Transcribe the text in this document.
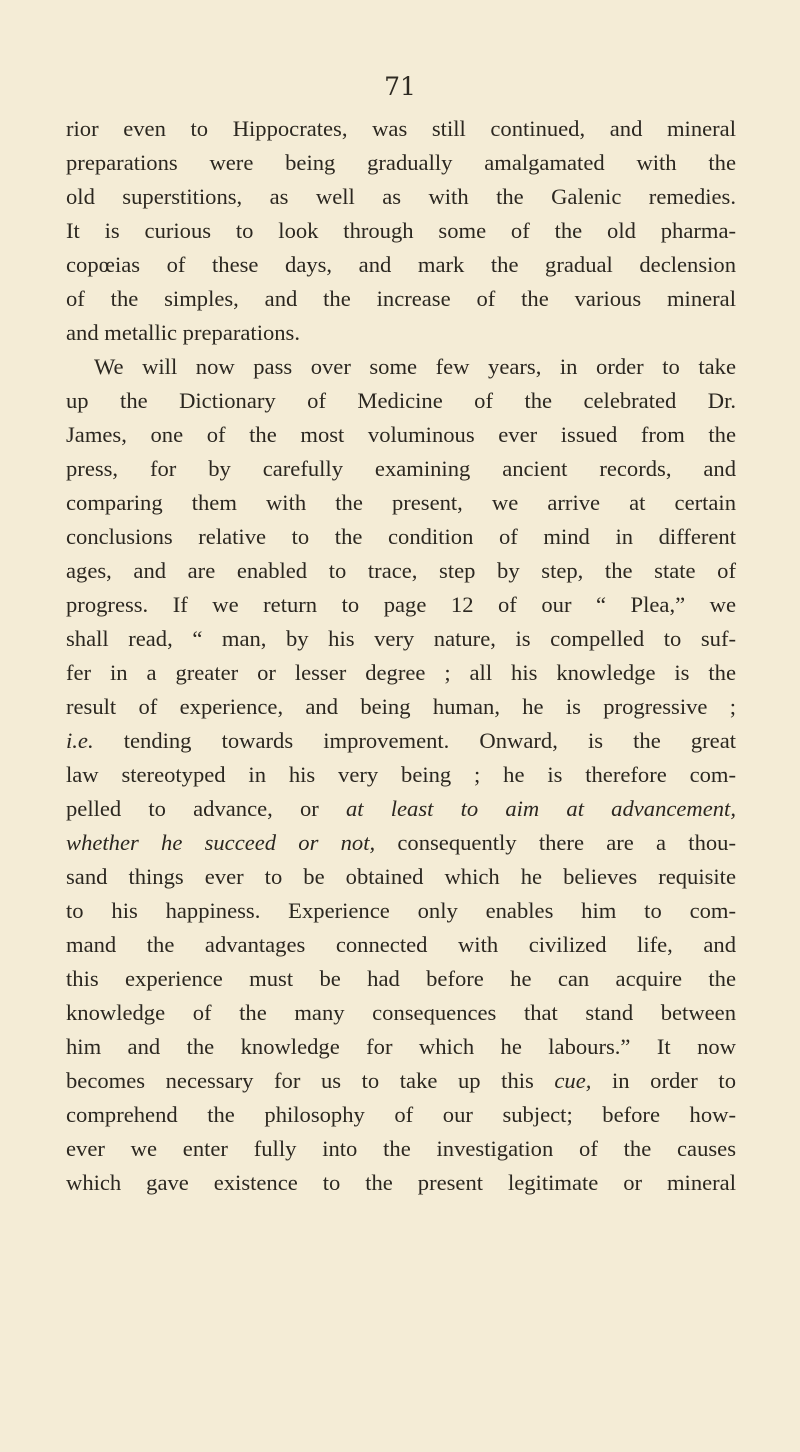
71
rior even to Hippocrates, was still continued, and mineral
preparations were being gradually amalgamated with the
old superstitions, as well as with the Galenic remedies.
It is curious to look through some of the old pharma-
copœias of these days, and mark the gradual declension
of the simples, and the increase of the various mineral
and metallic preparations.
We will now pass over some few years, in order to take
up the Dictionary of Medicine of the celebrated Dr.
James, one of the most voluminous ever issued from the
press, for by carefully examining ancient records, and
comparing them with the present, we arrive at certain
conclusions relative to the condition of mind in different
ages, and are enabled to trace, step by step, the state of
progress. If we return to page 12 of our “ Plea,” we
shall read, “ man, by his very nature, is compelled to suf-
fer in a greater or lesser degree ; all his knowledge is the
result of experience, and being human, he is progressive ;
i.e. tending towards improvement. Onward, is the great
law stereotyped in his very being ; he is therefore com-
pelled to advance, or at least to aim at advancement,
whether he succeed or not, consequently there are a thou-
sand things ever to be obtained which he believes requisite
to his happiness. Experience only enables him to com-
mand the advantages connected with civilized life, and
this experience must be had before he can acquire the
knowledge of the many consequences that stand between
him and the knowledge for which he labours.” It now
becomes necessary for us to take up this cue, in order to
comprehend the philosophy of our subject; before how-
ever we enter fully into the investigation of the causes
which gave existence to the present legitimate or mineral
